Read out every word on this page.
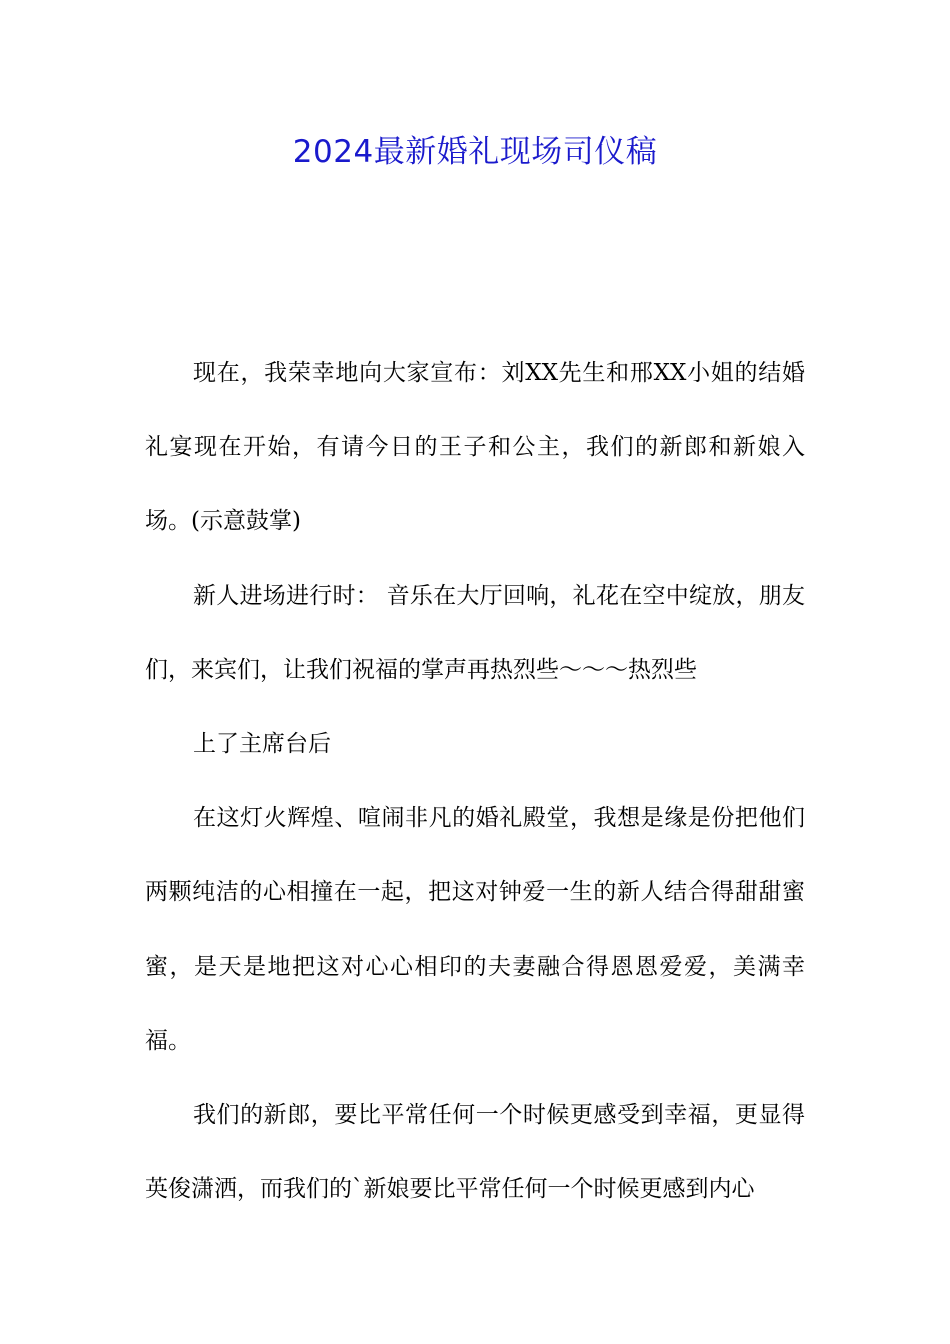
2024最新婚礼现场司仪稿

现在，我荣幸地向大家宣布：刘XX先生和邢XX小姐的结婚礼宴现在开始，有请今日的王子和公主，我们的新郎和新娘入场。(示意鼓掌)

新人进场进行时： 音乐在大厅回响，礼花在空中绽放，朋友们，来宾们，让我们祝福的掌声再热烈些～～～热烈些

上了主席台后

在这灯火辉煌、喧闹非凡的婚礼殿堂，我想是缘是份把他们两颗纯洁的心相撞在一起，把这对钟爱一生的新人结合得甜甜蜜蜜，是天是地把这对心心相印的夫妻融合得恩恩爱爱，美满幸福。

我们的新郎，要比平常任何一个时候更感受到幸福，更显得英俊潇洒，而我们的`新娘要比平常任何一个时候更感到内心
